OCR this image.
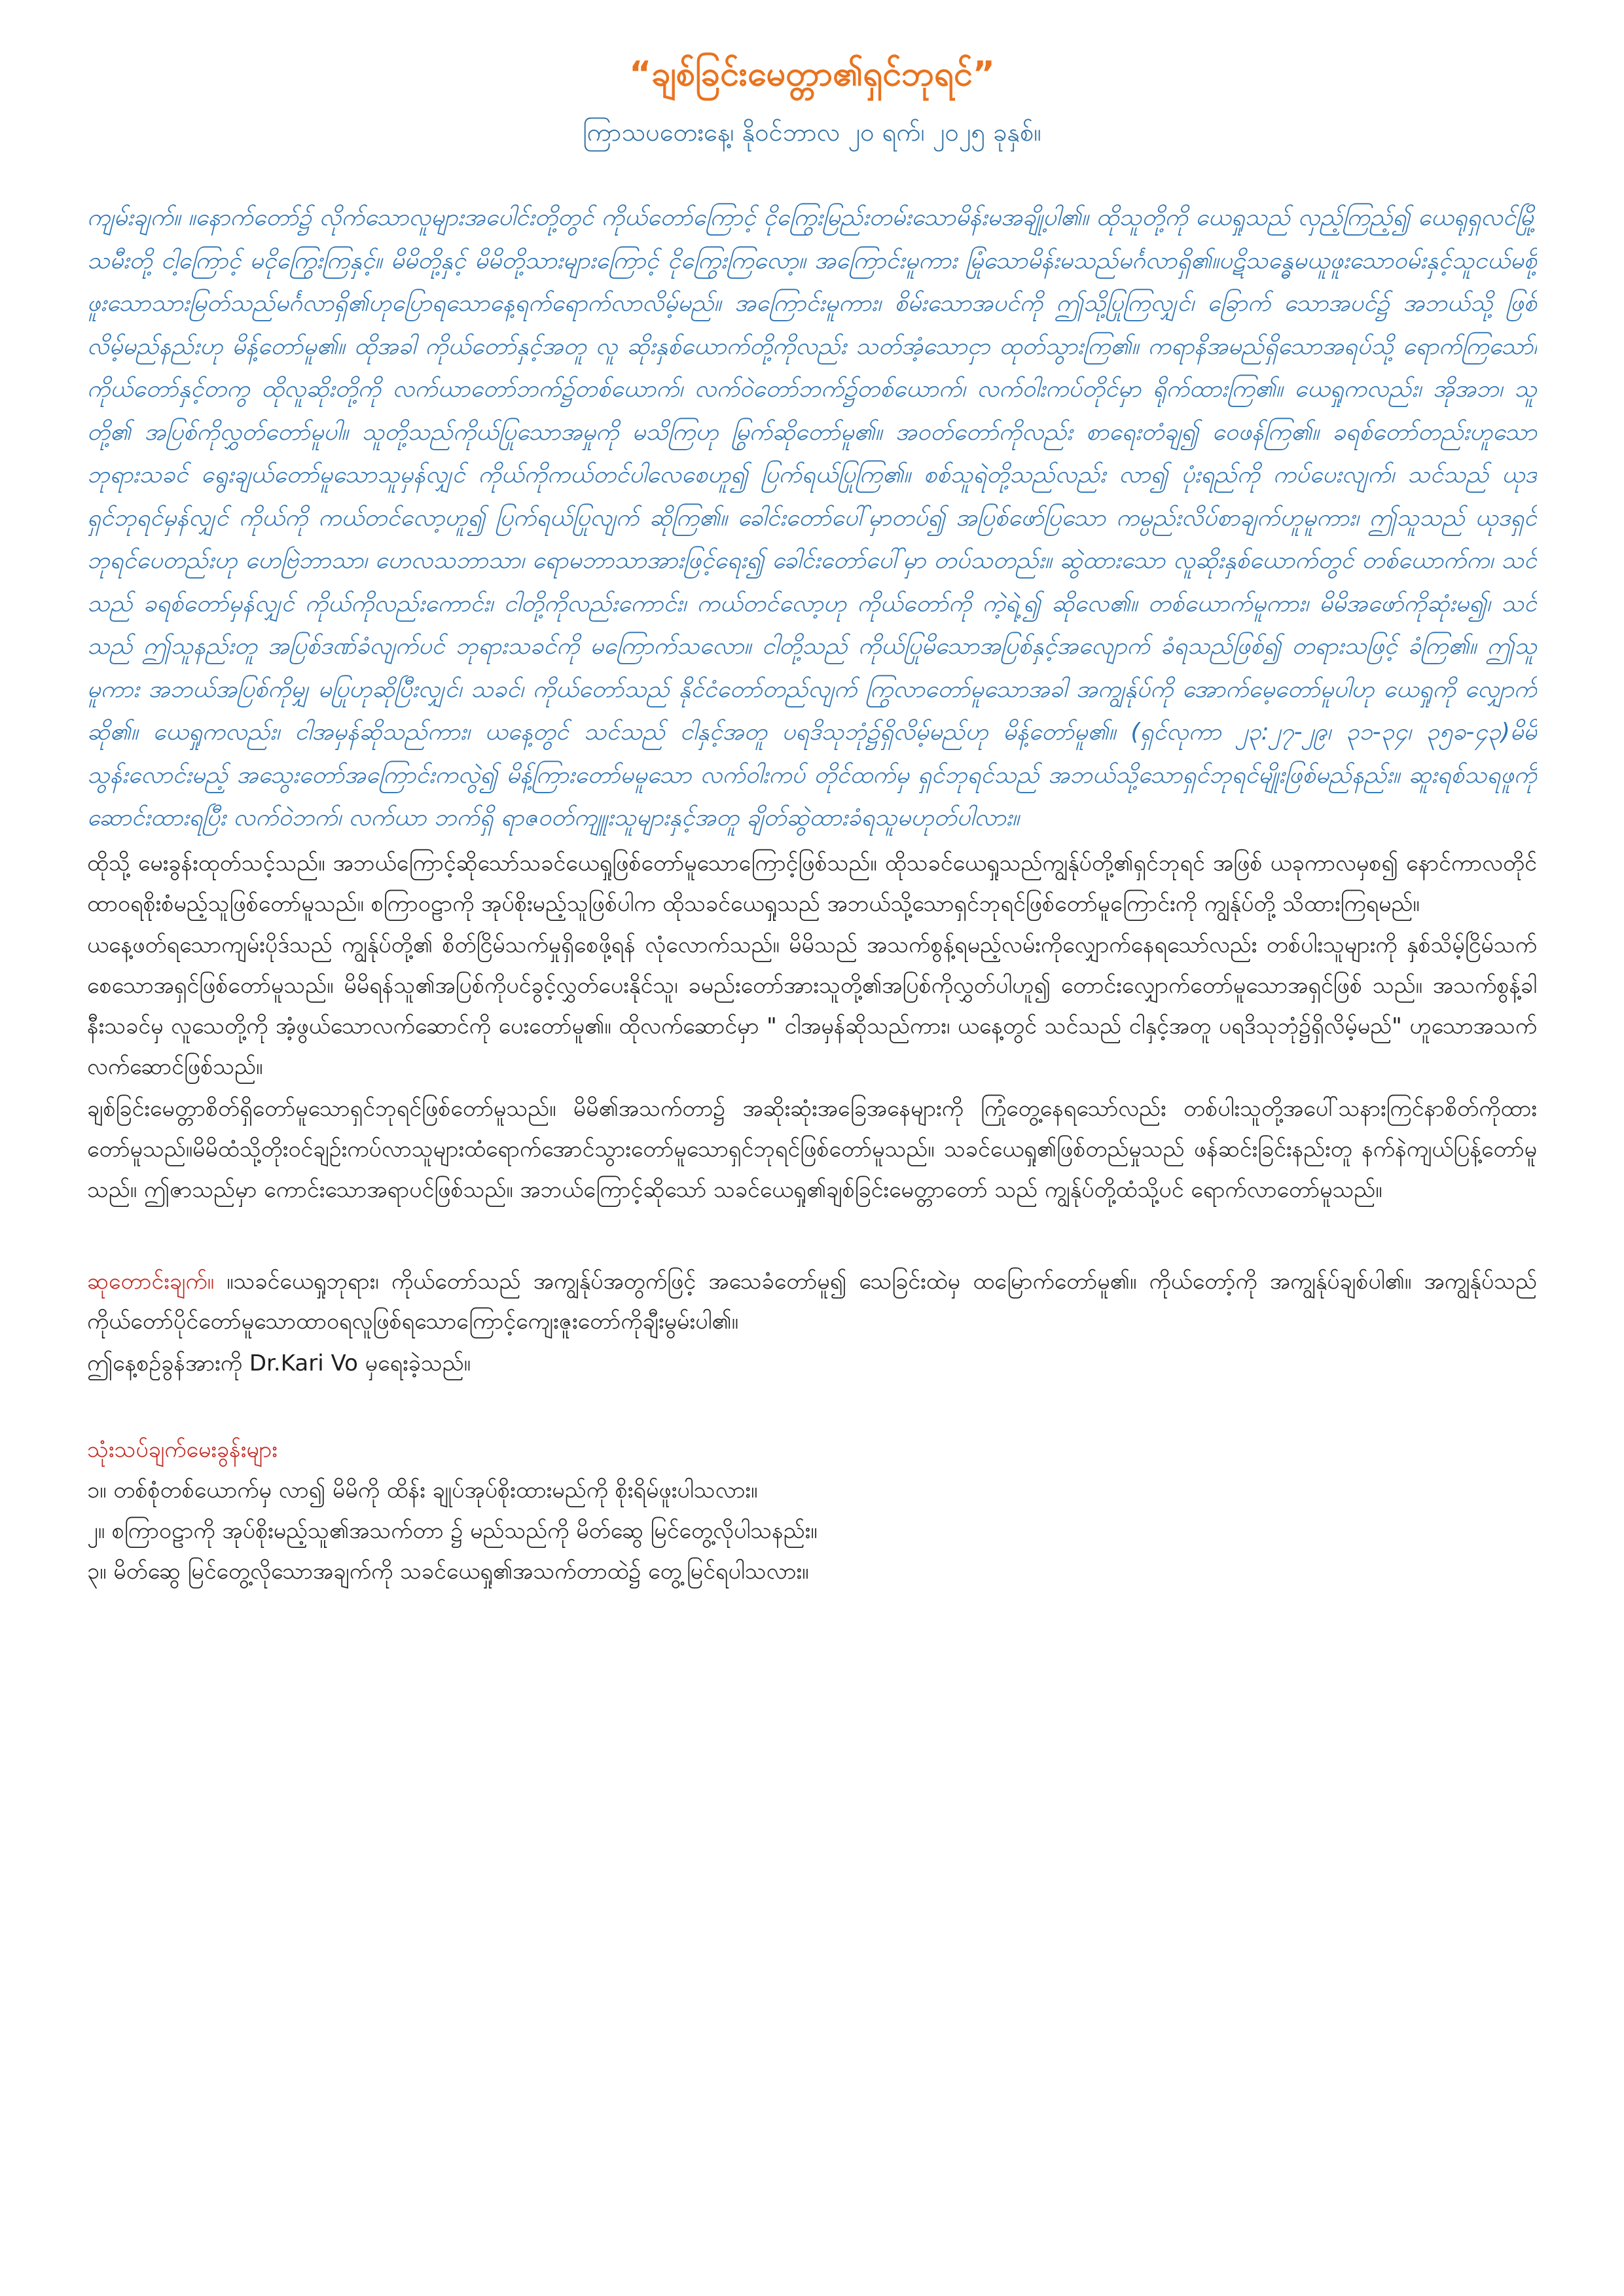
“ချစ်ခြင်းမေတ္တာ၏ရှင်ဘုရင်”
ကြာသပတေးနေ့၊ နိုဝင်ဘာလ ၂၀ ရက်၊ ၂၀၂၅ ခုနှစ်။

ကျမ်းချက်။ ။နောက်တော်၌ လိုက်သောလူများအပေါင်းတို့တွင် ကိုယ်တော်ကြောင့် ငိုကြွေးမြည်းတမ်းသောမိန်းမအချို့ပါ၏။ ထိုသူတို့ကို ယေရှုသည် လှည့်ကြည့်၍ ယေရုရှလင်မြို့သမီးတို့ ငါ့ကြောင့် မငိုကြွေးကြနှင့်။ မိမိတို့နှင့် မိမိတို့သားများကြောင့် ငိုကြွေးကြလော့။ အကြောင်းမူကား မြုံသောမိန်းမသည်မင်္ဂလာရှိ၏။ပဋိသန္ဓေမယူဖူးသောဝမ်းနှင့်သူငယ်မစို့ဖူးသောသားမြတ်သည်မင်္ဂလာရှိ၏ဟုပြောရသောနေ့ရက်ရောက်လာလိမ့်မည်။ အကြောင်းမူကား၊ စိမ်းသောအပင်ကို ဤသို့ပြုကြလျှင်၊ ခြောက် သောအပင်၌ အဘယ်သို့ ဖြစ်လိမ့်မည်နည်းဟု မိန့်တော်မူ၏။ ထိုအခါ ကိုယ်တော်နှင့်အတူ လူ ဆိုးနှစ်ယောက်တို့ကိုလည်း သတ်အံ့သောငှာ ထုတ်သွားကြ၏။ ကရာနိအမည်ရှိသောအရပ်သို့ ရောက်ကြသော်၊ ကိုယ်တော်နှင့်တကွ ထိုလူဆိုးတို့ကို လက်ယာတော်ဘက်၌တစ်ယောက်၊ လက်ဝဲတော်ဘက်၌တစ်ယောက်၊ လက်ဝါးကပ်တိုင်မှာ ရိုက်ထားကြ၏။ ယေရှုကလည်း၊ အိုအဘ၊ သူတို့၏ အပြစ်ကိုလွှတ်တော်မူပါ။ သူတို့သည်ကိုယ်ပြုသောအမှုကို မသိကြဟု မြွက်ဆိုတော်မူ၏။ အဝတ်တော်ကိုလည်း စာရေးတံချ၍ ဝေဖန်ကြ၏။ ခရစ်တော်တည်းဟူသော ဘုရားသခင် ရွေးချယ်တော်မူသောသူမှန်လျှင် ကိုယ်ကိုကယ်တင်ပါလေစေဟူ၍ ပြက်ရယ်ပြုကြ၏။ စစ်သူရဲတို့သည်လည်း လာ၍ ပုံးရည်ကို ကပ်ပေးလျက်၊ သင်သည် ယုဒရှင်ဘုရင်မှန်လျှင် ကိုယ်ကို ကယ်တင်လော့ဟူ၍ ပြက်ရယ်ပြုလျက် ဆိုကြ၏။ ခေါင်းတော်ပေါ်မှာတပ်၍ အပြစ်ဖော်ပြသော ကမ္ပည်းလိပ်စာချက်ဟူမူကား၊ ဤသူသည် ယုဒရှင် ဘုရင်ပေတည်းဟု ဟေဗြဲဘာသာ၊ ဟေလသဘာသာ၊ ရောမဘာသာအားဖြင့်ရေး၍ ခေါင်းတော်ပေါ်မှာ တပ်သတည်း။ ဆွဲထားသော လူဆိုးနှစ်ယောက်တွင် တစ်ယောက်က၊ သင်သည် ခရစ်တော်မှန်လျှင် ကိုယ်ကိုလည်းကောင်း၊ ငါတို့ကိုလည်းကောင်း၊ ကယ်တင်လော့ဟု ကိုယ်တော်ကို ကဲ့ရဲ့၍ ဆိုလေ၏။ တစ်ယောက်မူကား၊ မိမိအဖော်ကိုဆုံးမ၍၊ သင်သည် ဤသူနည်းတူ အပြစ်ဒဏ်ခံလျက်ပင် ဘုရားသခင်ကို မကြောက်သလော။ ငါတို့သည် ကိုယ်ပြုမိသောအပြစ်နှင့်အလျောက် ခံရသည်ဖြစ်၍ တရားသဖြင့် ခံကြ၏။ ဤသူမူကား အဘယ်အပြစ်ကိုမျှ မပြုဟုဆိုပြီးလျှင်၊ သခင်၊ ကိုယ်တော်သည် နိုင်ငံတော်တည်လျက် ကြွလာတော်မူသောအခါ အကျွန်ုပ်ကို အောက်မေ့တော်မူပါဟု ယေရှုကို လျှောက်ဆို၏။ ယေရှုကလည်း၊ ငါအမှန်ဆိုသည်ကား၊ ယနေ့တွင် သင်သည် ငါနှင့်အတူ ပရဒိသုဘုံ၌ရှိလိမ့်မည်ဟု မိန့်တော်မူ၏။ (ရှင်လုကာ ၂၃:၂၇-၂၉၊ ၃၁-၃၄၊ ၃၅ခ-၄၃)မိမိသွန်းလောင်းမည့် အသွေးတော်အကြောင်းကလွဲ၍ မိန့်ကြားတော်မမူသော လက်ဝါးကပ် တိုင်ထက်မှ ရှင်ဘုရင်သည် အဘယ်သို့သောရှင်ဘုရင်မျိုးဖြစ်မည်နည်း။ ဆူးရစ်သရဖူကို ဆောင်းထားရပြီး လက်ဝဲဘက်၊ လက်ယာ ဘက်ရှိ ရာဇဝတ်ကျူးသူများနှင့်အတူ ချိတ်ဆွဲထားခံရသူမဟုတ်ပါလား။

ထိုသို့ မေးခွန်းထုတ်သင့်သည်။ အဘယ်ကြောင့်ဆိုသော်သခင်ယေရှုဖြစ်တော်မူသောကြောင့်ဖြစ်သည်။ ထိုသခင်ယေရှုသည်ကျွန်ုပ်တို့၏ရှင်ဘုရင် အဖြစ် ယခုကာလမှစ၍ နောင်ကာလတိုင် ထာဝရစိုးစံမည့်သူဖြစ်တော်မူသည်။ စကြာဝဠာကို အုပ်စိုးမည့်သူဖြစ်ပါက ထိုသခင်ယေရှုသည် အဘယ်သို့သောရှင်ဘုရင်ဖြစ်တော်မူကြောင်းကို ကျွန်ုပ်တို့ သိထားကြရမည်။

ယနေ့ဖတ်ရသောကျမ်းပိုဒ်သည် ကျွန်ုပ်တို့၏ စိတ်ငြိမ်သက်မှုရှိစေဖို့ရန် လုံလောက်သည်။ မိမိသည် အသက်စွန့်ရမည့်လမ်းကိုလျှောက်နေရသော်လည်း တစ်ပါးသူများကို နှစ်သိမ့်ငြိမ်သက်စေသောအရှင်ဖြစ်တော်မူသည်။ မိမိရန်သူ၏အပြစ်ကိုပင်ခွင့်လွှတ်ပေးနိုင်သူ၊ ခမည်းတော်အားသူတို့၏အပြစ်ကိုလွှတ်ပါဟူ၍ တောင်းလျှောက်တော်မူသောအရှင်ဖြစ် သည်။ အသက်စွန့်ခါနီးသခင်မှ လူသေတို့ကို အံ့ဖွယ်သောလက်ဆောင်ကို ပေးတော်မူ၏။ ထိုလက်ဆောင်မှာ " ငါအမှန်ဆိုသည်ကား၊ ယနေ့တွင် သင်သည် ငါနှင့်အတူ ပရဒိသုဘုံ၌ရှိလိမ့်မည်" ဟူသောအသက်လက်ဆောင်ဖြစ်သည်။

ချစ်ခြင်းမေတ္တာစိတ်ရှိတော်မူသောရှင်ဘုရင်ဖြစ်တော်မူသည်။ မိမိ၏အသက်တာ၌ အဆိုးဆုံးအခြေအနေများကို ကြုံတွေ့နေရသော်လည်း တစ်ပါးသူတို့အပေါ်သနားကြင်နာစိတ်ကိုထားတော်မူသည်။မိမိထံသို့တိုးဝင်ချဉ်းကပ်လာသူများထံရောက်အောင်သွားတော်မူသောရှင်ဘုရင်ဖြစ်တော်မူသည်။ သခင်ယေရှု၏ဖြစ်တည်မှုသည် ဖန်ဆင်းခြင်းနည်းတူ နက်နဲကျယ်ပြန့်တော်မူသည်။ ဤဇာသည်မှာ ကောင်းသောအရာပင်ဖြစ်သည်။ အဘယ်ကြောင့်ဆိုသော် သခင်ယေရှု၏ချစ်ခြင်းမေတ္တာတော် သည် ကျွန်ုပ်တို့ထံသို့ပင် ရောက်လာတော်မူသည်။

ဆုတောင်းချက်။ ။သခင်ယေရှုဘုရား၊ ကိုယ်တော်သည် အကျွန်ုပ်အတွက်ဖြင့် အသေခံတော်မူ၍ သေခြင်းထဲမှ ထမြောက်တော်မူ၏။ ကိုယ်တော့်ကို အကျွန်ုပ်ချစ်ပါ၏။ အကျွန်ုပ်သည် ကိုယ်တော်ပိုင်တော်မူသောထာဝရလူဖြစ်ရသောကြောင့်ကျေးဇူးတော်ကိုချီးမွမ်းပါ၏။

ဤနေ့စဉ်ခွန်အားကို Dr.Kari Vo မှရေးခဲ့သည်။

သုံးသပ်ချက်မေးခွန်းများ

၁။ တစ်စုံတစ်ယောက်မှ လာ၍ မိမိကို ထိန်း ချုပ်အုပ်စိုးထားမည်ကို စိုးရိမ်ဖူးပါသလား။

၂။ စကြာဝဠာကို အုပ်စိုးမည့်သူ၏အသက်တာ ၌ မည်သည်ကို မိတ်ဆွေ မြင်တွေ့လိုပါသနည်း။

၃။ မိတ်ဆွေ မြင်တွေ့လိုသောအချက်ကို သခင်ယေရှု၏အသက်တာထဲ၌ တွေ့မြင်ရပါသလား။
